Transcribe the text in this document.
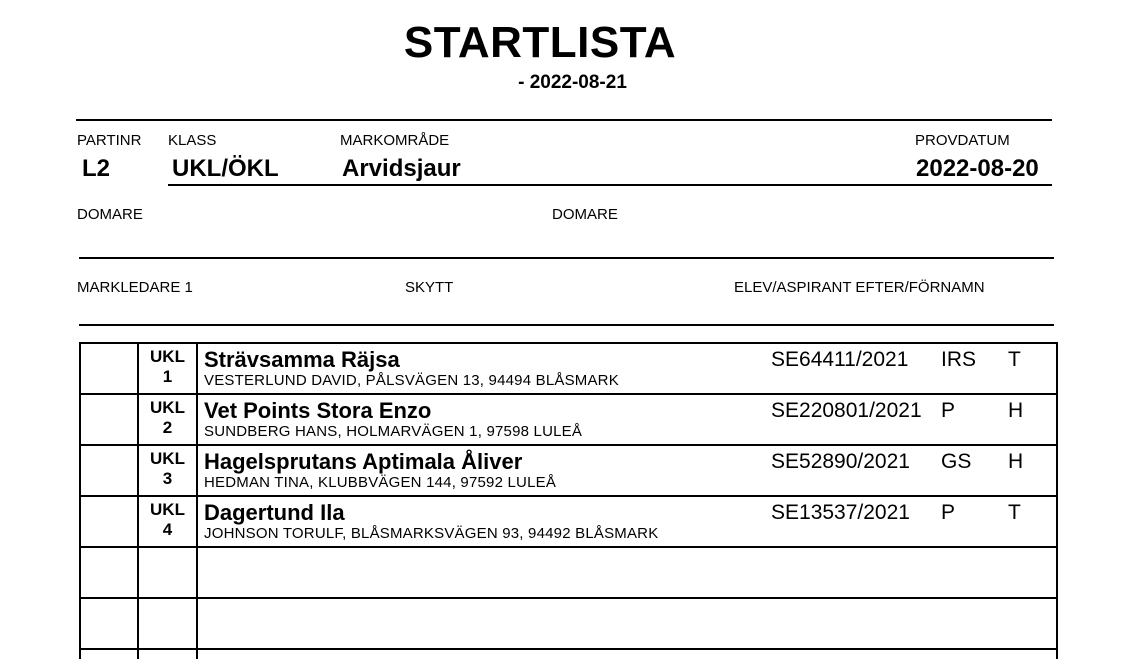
STARTLISTA
- 2022-08-21
PARTINR KLASS	MARKOMRÅDE	PROVDATUM
L2	UKL/ÖKL	Arvidsjaur	2022-08-20
DOMARE	DOMARE
MARKLEDARE 1	SKYTT	ELEV/ASPIRANT EFTER/FÖRNAMN
UKL
1
Strävsamma Räjsa
VESTERLUND DAVID, PÅLSVÄGEN 13, 94494 BLÅSMARK
SE64411/2021 IRS T
UKL
2
Vet Points Stora Enzo
SUNDBERG HANS, HOLMARVÄGEN 1, 97598 LULEÅ
SE220801/2021 P	H
UKL
3
Hagelsprutans Aptimala Åliver
HEDMAN TINA, KLUBBVÄGEN 144, 97592 LULEÅ
SE52890/2021 GS H
UKL
4
Dagertund Ila
JOHNSON TORULF, BLÅSMARKSVÄGEN 93, 94492 BLÅSMARK
SE13537/2021 P	T
